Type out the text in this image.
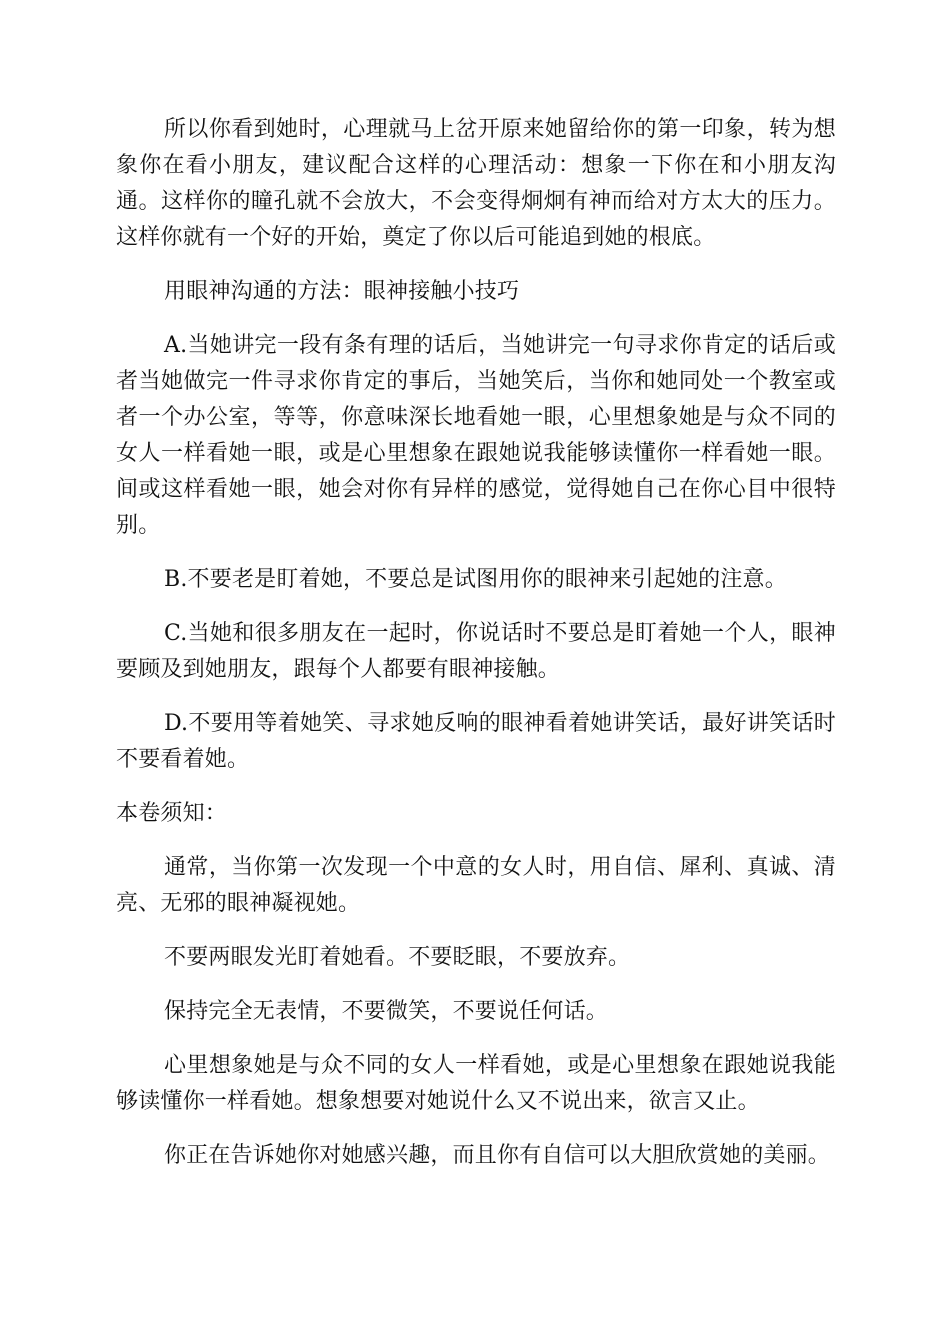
所以你看到她时，心理就马上岔开原来她留给你的第一印象，转为想象你在看小朋友，建议配合这样的心理活动：想象一下你在和小朋友沟通。这样你的瞳孔就不会放大，不会变得炯炯有神而给对方太大的压力。这样你就有一个好的开始，奠定了你以后可能追到她的根底。

用眼神沟通的方法：眼神接触小技巧

A.当她讲完一段有条有理的话后，当她讲完一句寻求你肯定的话后或者当她做完一件寻求你肯定的事后，当她笑后，当你和她同处一个教室或者一个办公室，等等，你意味深长地看她一眼，心里想象她是与众不同的女人一样看她一眼，或是心里想象在跟她说我能够读懂你一样看她一眼。间或这样看她一眼，她会对你有异样的感觉，觉得她自己在你心目中很特别。

B.不要老是盯着她，不要总是试图用你的眼神来引起她的注意。

C.当她和很多朋友在一起时，你说话时不要总是盯着她一个人，眼神要顾及到她朋友，跟每个人都要有眼神接触。

D.不要用等着她笑、寻求她反响的眼神看着她讲笑话，最好讲笑话时不要看着她。

本卷须知：

通常，当你第一次发现一个中意的女人时，用自信、犀利、真诚、清亮、无邪的眼神凝视她。

不要两眼发光盯着她看。不要眨眼，不要放弃。

保持完全无表情，不要微笑，不要说任何话。

心里想象她是与众不同的女人一样看她，或是心里想象在跟她说我能够读懂你一样看她。想象想要对她说什么又不说出来，欲言又止。

你正在告诉她你对她感兴趣，而且你有自信可以大胆欣赏她的美丽。
